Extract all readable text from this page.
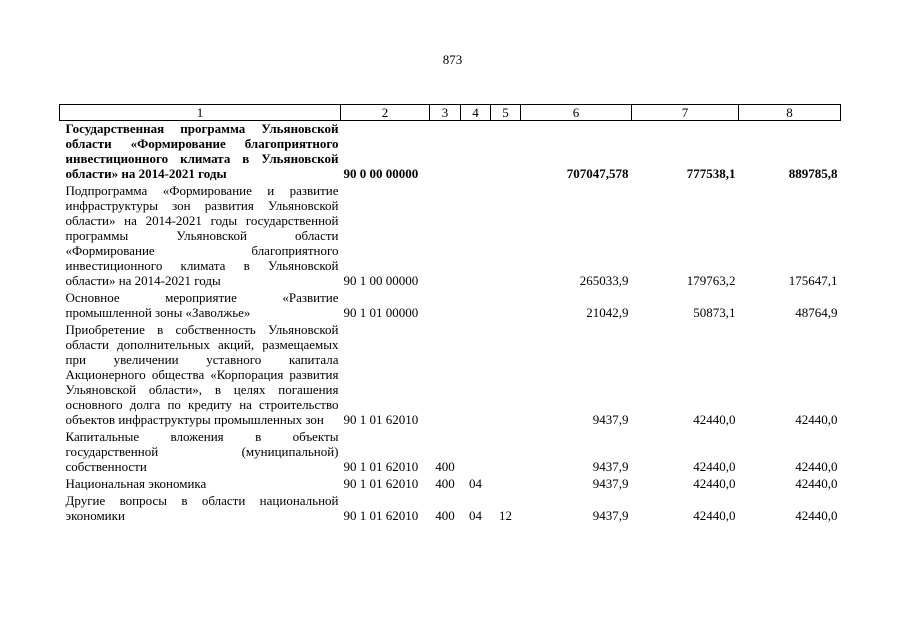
873
1	2	3	4	5	6	7	8
Государственная программа Ульяновской области «Формирование благоприятного инвестиционного климата в Ульяновской области» на 2014-2021 годы	90 0 00 00000				707047,578	777538,1	889785,8
Подпрограмма «Формирование и развитие инфраструктуры зон развития Ульяновской области» на 2014-2021 годы государственной программы Ульяновской области «Формирование благоприятного инвестиционного климата в Ульяновской области» на 2014-2021 годы	90 1 00 00000				265033,9	179763,2	175647,1
Основное мероприятие «Развитие промышленной зоны «Заволжье»	90 1 01 00000				21042,9	50873,1	48764,9
Приобретение в собственность Ульяновской области дополнительных акций, размещаемых при увеличении уставного капитала Акционерного общества «Корпорация развития Ульяновской области», в целях погашения основного долга по кредиту на строительство объектов инфраструктуры промышленных зон	90 1 01 62010				9437,9	42440,0	42440,0
Капитальные вложения в объекты государственной (муниципальной) собственности	90 1 01 62010	400			9437,9	42440,0	42440,0
Национальная экономика	90 1 01 62010	400	04		9437,9	42440,0	42440,0
Другие вопросы в области национальной экономики	90 1 01 62010	400	04	12	9437,9	42440,0	42440,0
